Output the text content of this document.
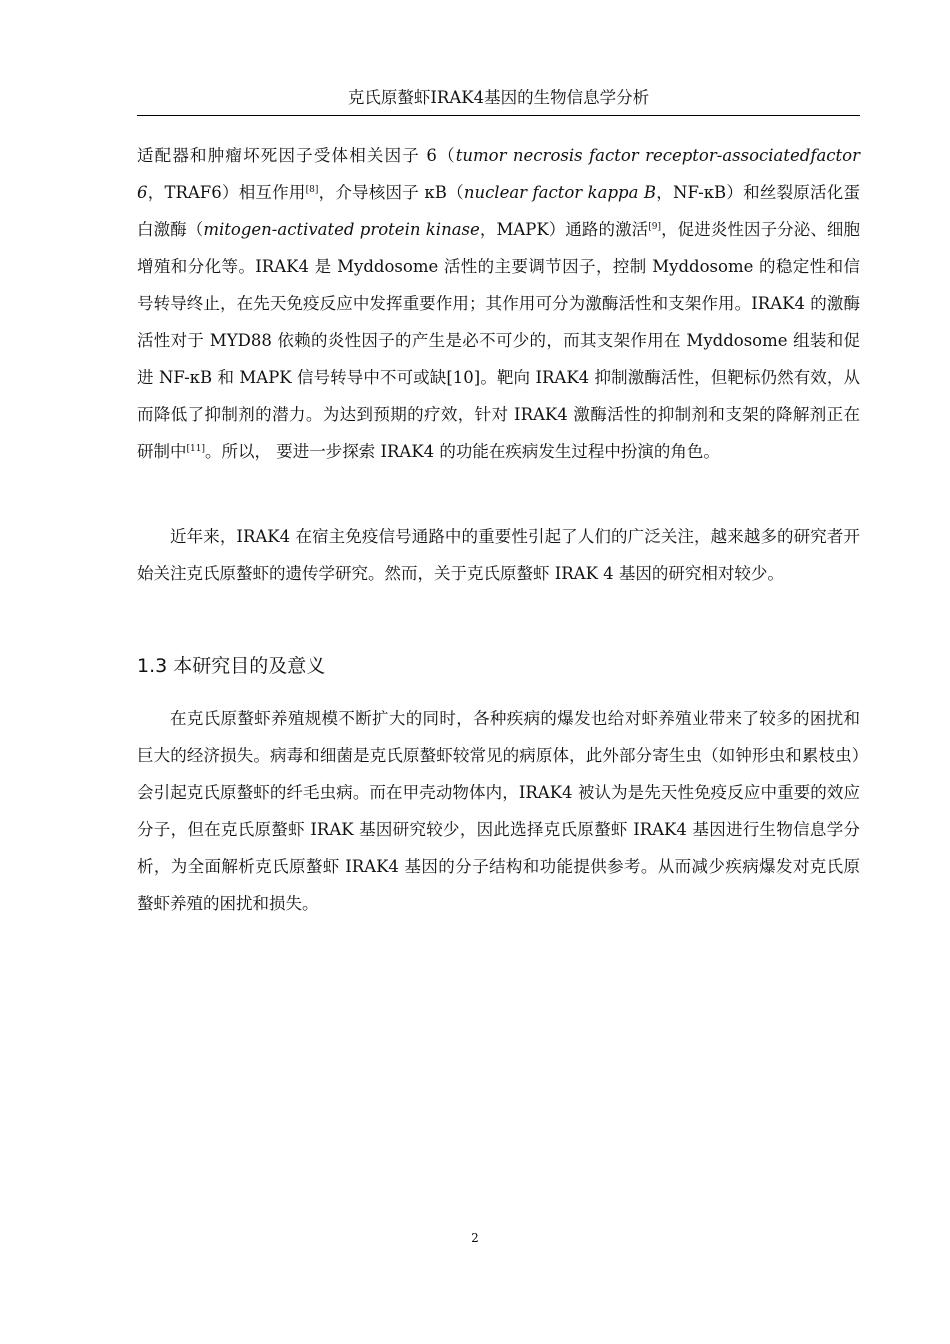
克氏原螯虾IRAK4基因的生物信息学分析

适配器和肿瘤坏死因子受体相关因子 6（tumor necrosis factor receptor-associatedfactor 6，TRAF6）相互作用[8]，介导核因子 κB（nuclear factor kappa B，NF-κB）和丝裂原活化蛋白激酶（mitogen-activated protein kinase，MAPK）通路的激活[9]，促进炎性因子分泌、细胞增殖和分化等。IRAK4 是 Myddosome 活性的主要调节因子，控制 Myddosome 的稳定性和信号转导终止，在先天免疫反应中发挥重要作用；其作用可分为激酶活性和支架作用。IRAK4 的激酶活性对于 MYD88 依赖的炎性因子的产生是必不可少的，而其支架作用在 Myddosome 组装和促进 NF-κB 和 MAPK 信号转导中不可或缺[10]。靶向 IRAK4 抑制激酶活性，但靶标仍然有效，从而降低了抑制剂的潜力。为达到预期的疗效，针对 IRAK4 激酶活性的抑制剂和支架的降解剂正在研制中[11]。所以， 要进一步探索 IRAK4 的功能在疾病发生过程中扮演的角色。

近年来，IRAK4 在宿主免疫信号通路中的重要性引起了人们的广泛关注，越来越多的研究者开始关注克氏原螯虾的遗传学研究。然而，关于克氏原螯虾 IRAK 4 基因的研究相对较少。

1.3 本研究目的及意义

在克氏原螯虾养殖规模不断扩大的同时，各种疾病的爆发也给对虾养殖业带来了较多的困扰和巨大的经济损失。病毒和细菌是克氏原螯虾较常见的病原体，此外部分寄生虫（如钟形虫和累枝虫）会引起克氏原螯虾的纤毛虫病。而在甲壳动物体内，IRAK4 被认为是先天性免疫反应中重要的效应分子，但在克氏原螯虾 IRAK 基因研究较少，因此选择克氏原螯虾 IRAK4 基因进行生物信息学分析，为全面解析克氏原螯虾 IRAK4 基因的分子结构和功能提供参考。从而减少疾病爆发对克氏原螯虾养殖的困扰和损失。

2
